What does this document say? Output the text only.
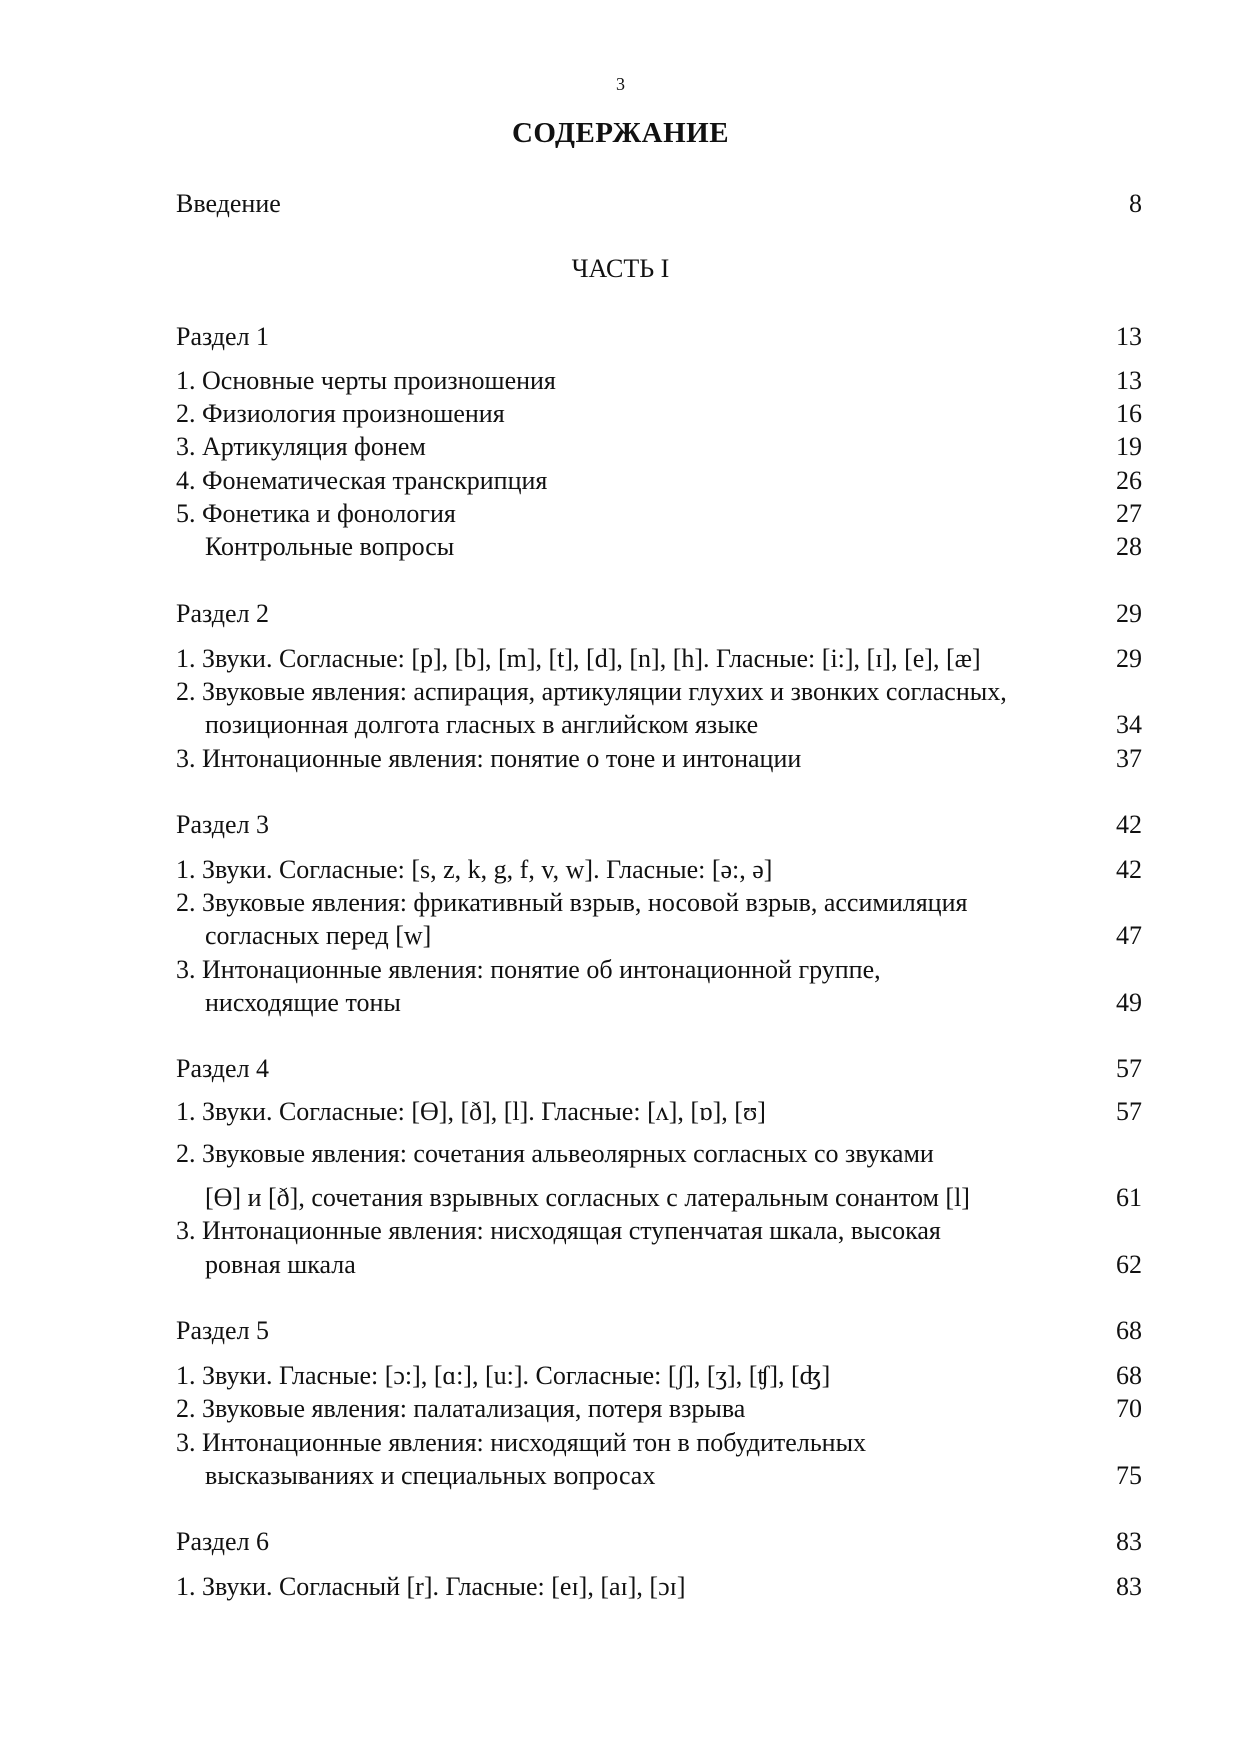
3
СОДЕРЖАНИЕ
Введение	8
ЧАСТЬ I
Раздел 1	13
1. Основные черты произношения	13
2. Физиология произношения	16
3. Артикуляция фонем	19
4. Фонематическая транскрипция	26
5. Фонетика и фонология	27
Контрольные вопросы	28
Раздел 2	29
1. Звуки. Согласные: [p], [b], [m], [t], [d], [n], [h]. Гласные: [i:], [ɪ], [e], [æ]	29
2. Звуковые явления: аспирация, артикуляции глухих и звонких согласных,
позиционная долгота гласных в английском языке	34
3. Интонационные явления: понятие о тоне и интонации	37
Раздел 3	42
1. Звуки. Согласные: [s, z, k, g, f, v, w]. Гласные: [ə:, ə]	42
2. Звуковые явления: фрикативный взрыв, носовой взрыв, ассимиляция
согласных перед [w]	47
3. Интонационные явления: понятие об интонационной группе,
нисходящие тоны	49
Раздел 4	57
1. Звуки. Согласные: [Ɵ], [ð], [l]. Гласные: [ʌ], [ɒ], [ʊ]	57
2. Звуковые явления: сочетания альвеолярных согласных со звуками
[Ɵ] и [ð], сочетания взрывных согласных с латеральным сонантом [l]	61
3. Интонационные явления: нисходящая ступенчатая шкала, высокая
ровная шкала	62
Раздел 5	68
1. Звуки. Гласные: [ɔ:], [ɑ:], [u:]. Согласные: [ʃ], [ʒ], [ʧ], [ʤ]	68
2. Звуковые явления: палатализация, потеря взрыва	70
3. Интонационные явления: нисходящий тон в побудительных
высказываниях и специальных вопросах	75
Раздел 6	83
1. Звуки. Согласный [r]. Гласные: [eɪ], [aɪ], [ɔɪ]	83
